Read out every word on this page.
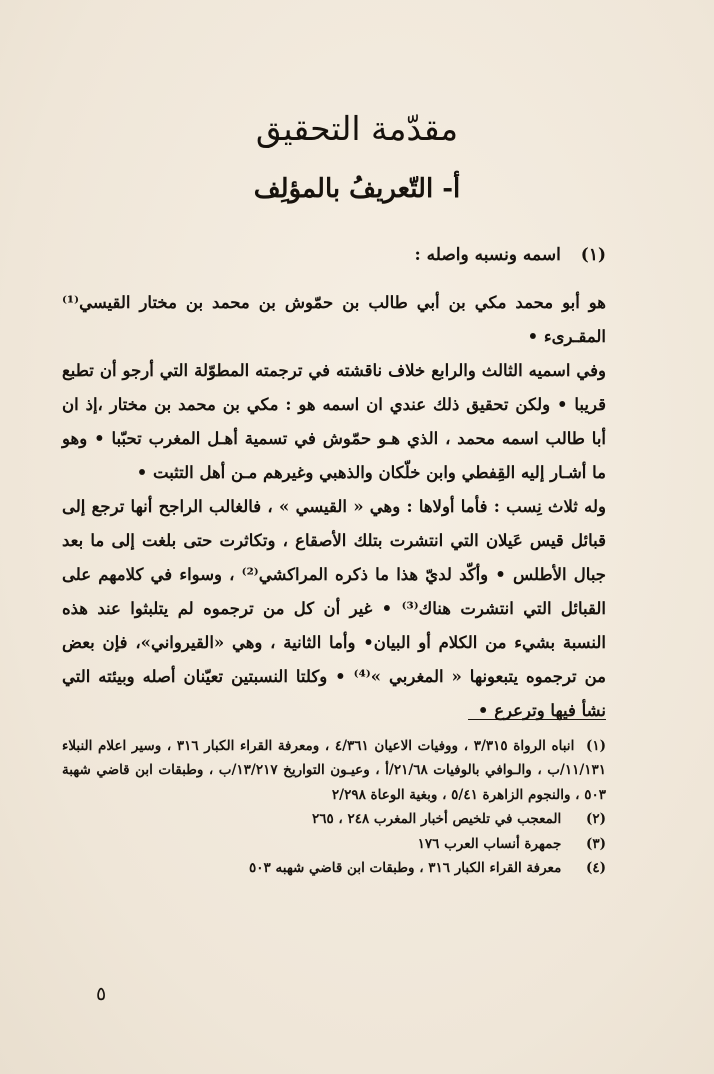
مقدّمة التحقيق
أ- التّعريفُ بالمؤلِف
(١) اسمه ونسبه واصله :

هو أبو محمد مكي بن أبي طالب بن حمّوش بن محمد بن مختار القيسي⁽¹⁾ المقـرىء •

وفي اسميه الثالث والرابع خلاف ناقشته في ترجمته المطوّلة التي أرجو أن تطبع قريبا • ولكن تحقيق ذلك عندي ان اسمه هو : مكي بن محمد بن مختار ،إذ ان أبا طالب اسمه محمد ، الذي هـو حمّوش في تسمية أهـل المغرب تحبّبا • وهو ما أشـار إليه القِفطي وابن خلّكان والذهبي وغيرهم مـن أهل التثبت •

وله ثلاث نِسب : فأما أولاها : وهي « القيسي » ، فالغالب الراجح أنها ترجع إلى قبائل قيس عَيلان التي انتشرت بتلك الأصقاع ، وتكاثرت حتى بلغت إلى ما بعد جبال الأطلس • وأكّد لديّ هذا ما ذكره المراكشي⁽²⁾ ، وسواء في كلامهم على القبائل التي انتشرت هناك⁽³⁾ • غير أن كل من ترجموه لم يتلبثوا عند هذه النسبة بشيء من الكلام أو البيان• وأما الثانية ، وهي «القيرواني»، فإن بعض من ترجموه يتبعونها « المغربي »⁽⁴⁾ • وكلتا النسبتين تعيّنان أصله وبيئته التي نشأ فيها وترعرع •

(١) انباه الرواة ٣/٣١٥ ، ووفيات الاعيان ٤/٣٦١ ، ومعرفة القراء الكبار ٣١٦ ، وسير اعلام النبلاء ١١/١٣١/ب ، والـوافي بالوفيات ٢١/٦٨/أ ، وعيـون التواريخ ١٣/٢١٧/ب ، وطبقات ابن قاضي شهبة ٥٠٣ ، والنجوم الزاهرة ٥/٤١ ، وبغية الوعاة ٢/٢٩٨
(٢) المعجب في تلخيص أخبار المغرب ٢٤٨ ، ٢٦٥
(٣) جمهرة أنساب العرب ١٧٦
(٤) معرفة القراء الكبار ٣١٦ ، وطبقات ابن قاضي شهبه ٥٠٣
٥
